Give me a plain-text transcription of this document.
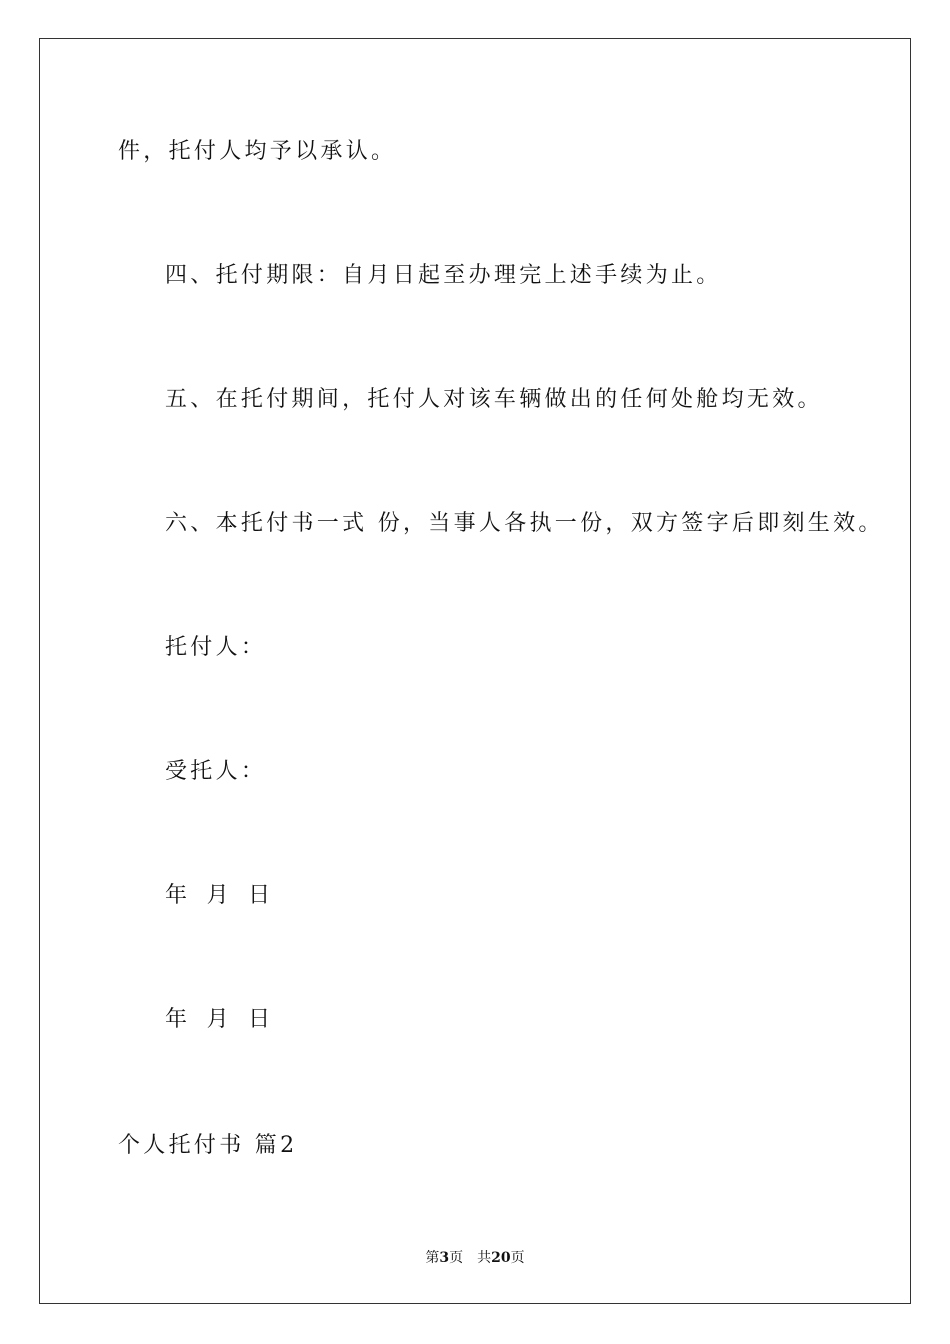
件，托付人均予以承认。
四、托付期限：自月日起至办理完上述手续为止。
五、在托付期间，托付人对该车辆做出的任何处舱均无效。
六、本托付书一式 份，当事人各执一份，双方签字后即刻生效。
托付人：
受托人：
年 月 日
年 月 日
个人托付书 篇2
第3页 共20页
